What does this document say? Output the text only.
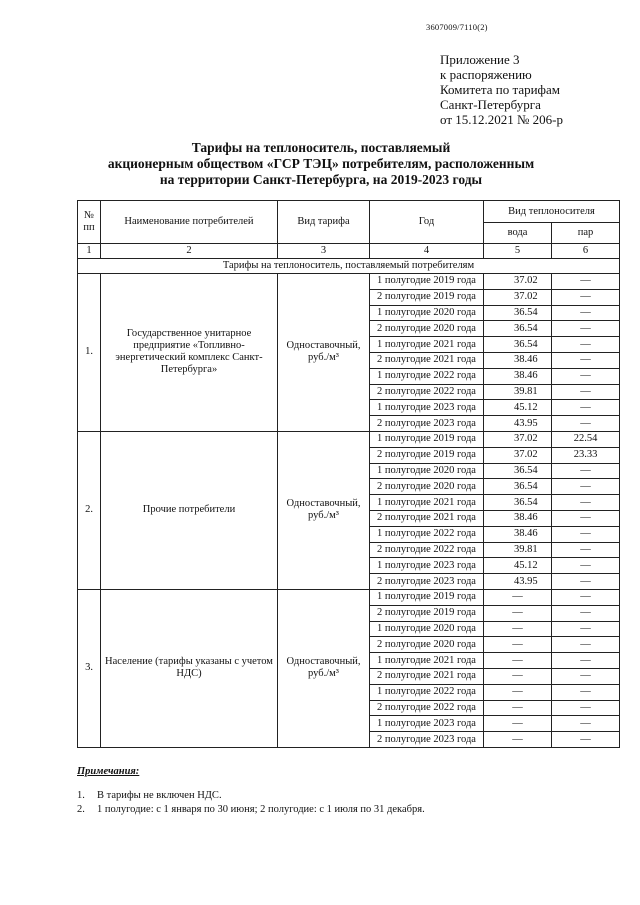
3607009/7110(2)
Приложение 3
к распоряжению
Комитета по тарифам
Санкт-Петербурга
от 15.12.2021 № 206-р
Тарифы на теплоноситель, поставляемый
акционерным обществом «ГСР ТЭЦ» потребителям, расположенным
на территории Санкт-Петербурга, на 2019-2023 годы
№ пп	Наименование потребителей	Вид тарифа	Год	Вид теплоносителя	
				вода	пар
1	2	3	4	5	6
Тарифы на теплоноситель, поставляемый потребителям					
1.	Государственное унитарное предприятие «Топливно-энергетический комплекс Санкт-Петербурга»	Одноставочный, руб./м³	1 полугодие 2019 года	37.02	—
			2 полугодие 2019 года	37.02	—
			1 полугодие 2020 года	36.54	—
			2 полугодие 2020 года	36.54	—
			1 полугодие 2021 года	36.54	—
			2 полугодие 2021 года	38.46	—
			1 полугодие 2022 года	38.46	—
			2 полугодие 2022 года	39.81	—
			1 полугодие 2023 года	45.12	—
			2 полугодие 2023 года	43.95	—
2.	Прочие потребители	Одноставочный, руб./м³	1 полугодие 2019 года	37.02	22.54
			2 полугодие 2019 года	37.02	23.33
			1 полугодие 2020 года	36.54	—
			2 полугодие 2020 года	36.54	—
			1 полугодие 2021 года	36.54	—
			2 полугодие 2021 года	38.46	—
			1 полугодие 2022 года	38.46	—
			2 полугодие 2022 года	39.81	—
			1 полугодие 2023 года	45.12	—
			2 полугодие 2023 года	43.95	—
3.	Население (тарифы указаны с учетом НДС)	Одноставочный, руб./м³	1 полугодие 2019 года	—	—
			2 полугодие 2019 года	—	—
			1 полугодие 2020 года	—	—
			2 полугодие 2020 года	—	—
			1 полугодие 2021 года	—	—
			2 полугодие 2021 года	—	—
			1 полугодие 2022 года	—	—
			2 полугодие 2022 года	—	—
			1 полугодие 2023 года	—	—
			2 полугодие 2023 года	—	—
Примечания:
1. В тарифы не включен НДС.
2. 1 полугодие: с 1 января по 30 июня; 2 полугодие: с 1 июля по 31 декабря.
